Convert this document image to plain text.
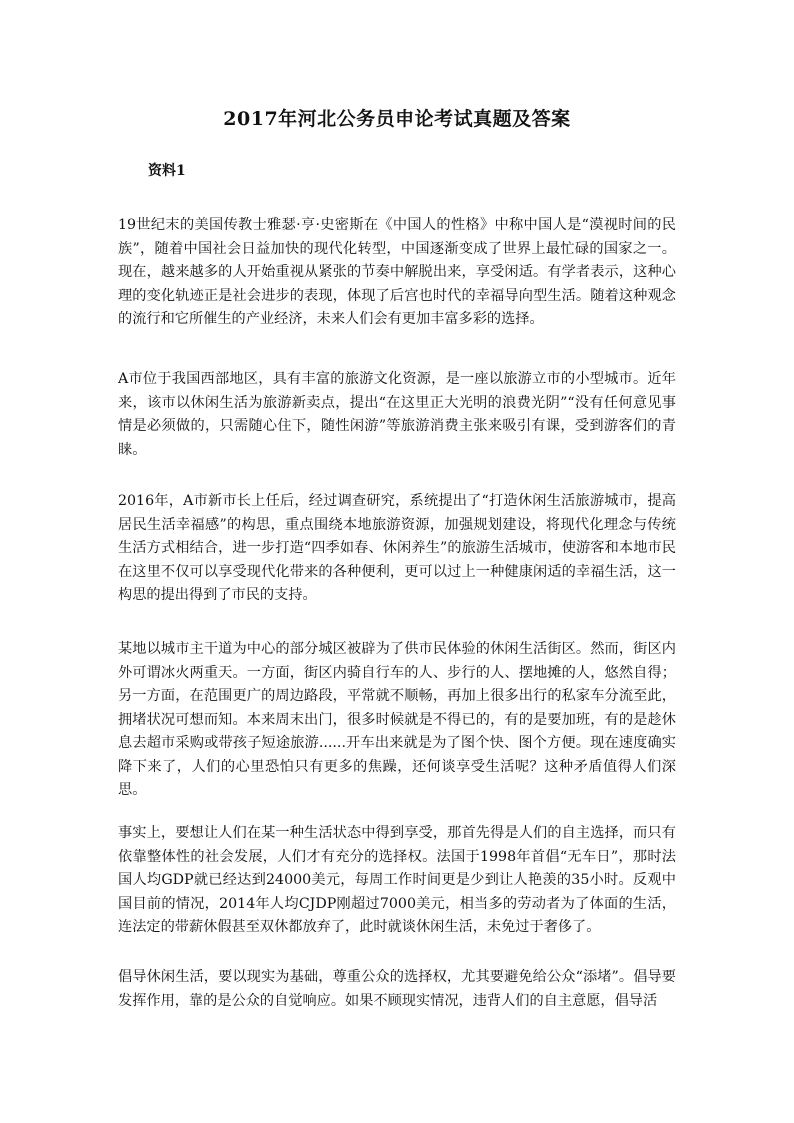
2017年河北公务员申论考试真题及答案
资料1

19世纪末的美国传教士雅瑟·亨·史密斯在《中国人的性格》中称中国人是“漠视时间的民族”，随着中国社会日益加快的现代化转型，中国逐渐变成了世界上最忙碌的国家之一。现在，越来越多的人开始重视从紧张的节奏中解脱出来，享受闲适。有学者表示，这种心理的变化轨迹正是社会进步的表现，体现了后宫也时代的幸福导向型生活。随着这种观念的流行和它所催生的产业经济，未来人们会有更加丰富多彩的选择。

A市位于我国西部地区，具有丰富的旅游文化资源，是一座以旅游立市的小型城市。近年来，该市以休闲生活为旅游新卖点，提出“在这里正大光明的浪费光阴”“没有任何意见事情是必须做的，只需随心住下，随性闲游”等旅游消费主张来吸引有课，受到游客们的青睐。

2016年，A市新市长上任后，经过调查研究，系统提出了“打造休闲生活旅游城市，提高居民生活幸福感”的构思，重点围绕本地旅游资源，加强规划建设，将现代化理念与传统生活方式相结合，进一步打造“四季如春、休闲养生”的旅游生活城市，使游客和本地市民在这里不仅可以享受现代化带来的各种便利，更可以过上一种健康闲适的幸福生活，这一构思的提出得到了市民的支持。

某地以城市主干道为中心的部分城区被辟为了供市民体验的休闲生活街区。然而，街区内外可谓冰火两重天。一方面，街区内骑自行车的人、步行的人、摆地摊的人，悠然自得；另一方面，在范围更广的周边路段，平常就不顺畅，再加上很多出行的私家车分流至此，拥堵状况可想而知。本来周末出门，很多时候就是不得已的，有的是要加班，有的是趁休息去超市采购或带孩子短途旅游......开车出来就是为了图个快、图个方便。现在速度确实降下来了，人们的心里恐怕只有更多的焦躁，还何谈享受生活呢？这种矛盾值得人们深思。

事实上，要想让人们在某一种生活状态中得到享受，那首先得是人们的自主选择，而只有依靠整体性的社会发展，人们才有充分的选择权。法国于1998年首倡“无车日”，那时法国人均GDP就已经达到24000美元，每周工作时间更是少到让人艳羡的35小时。反观中国目前的情况，2014年人均CJDP刚超过7000美元，相当多的劳动者为了体面的生活，连法定的带薪休假甚至双休都放弃了，此时就谈休闲生活，未免过于奢侈了。

倡导休闲生活，要以现实为基础，尊重公众的选择权，尤其要避免给公众“添堵”。倡导要发挥作用，靠的是公众的自觉响应。如果不顾现实情况，违背人们的自主意愿，倡导活
